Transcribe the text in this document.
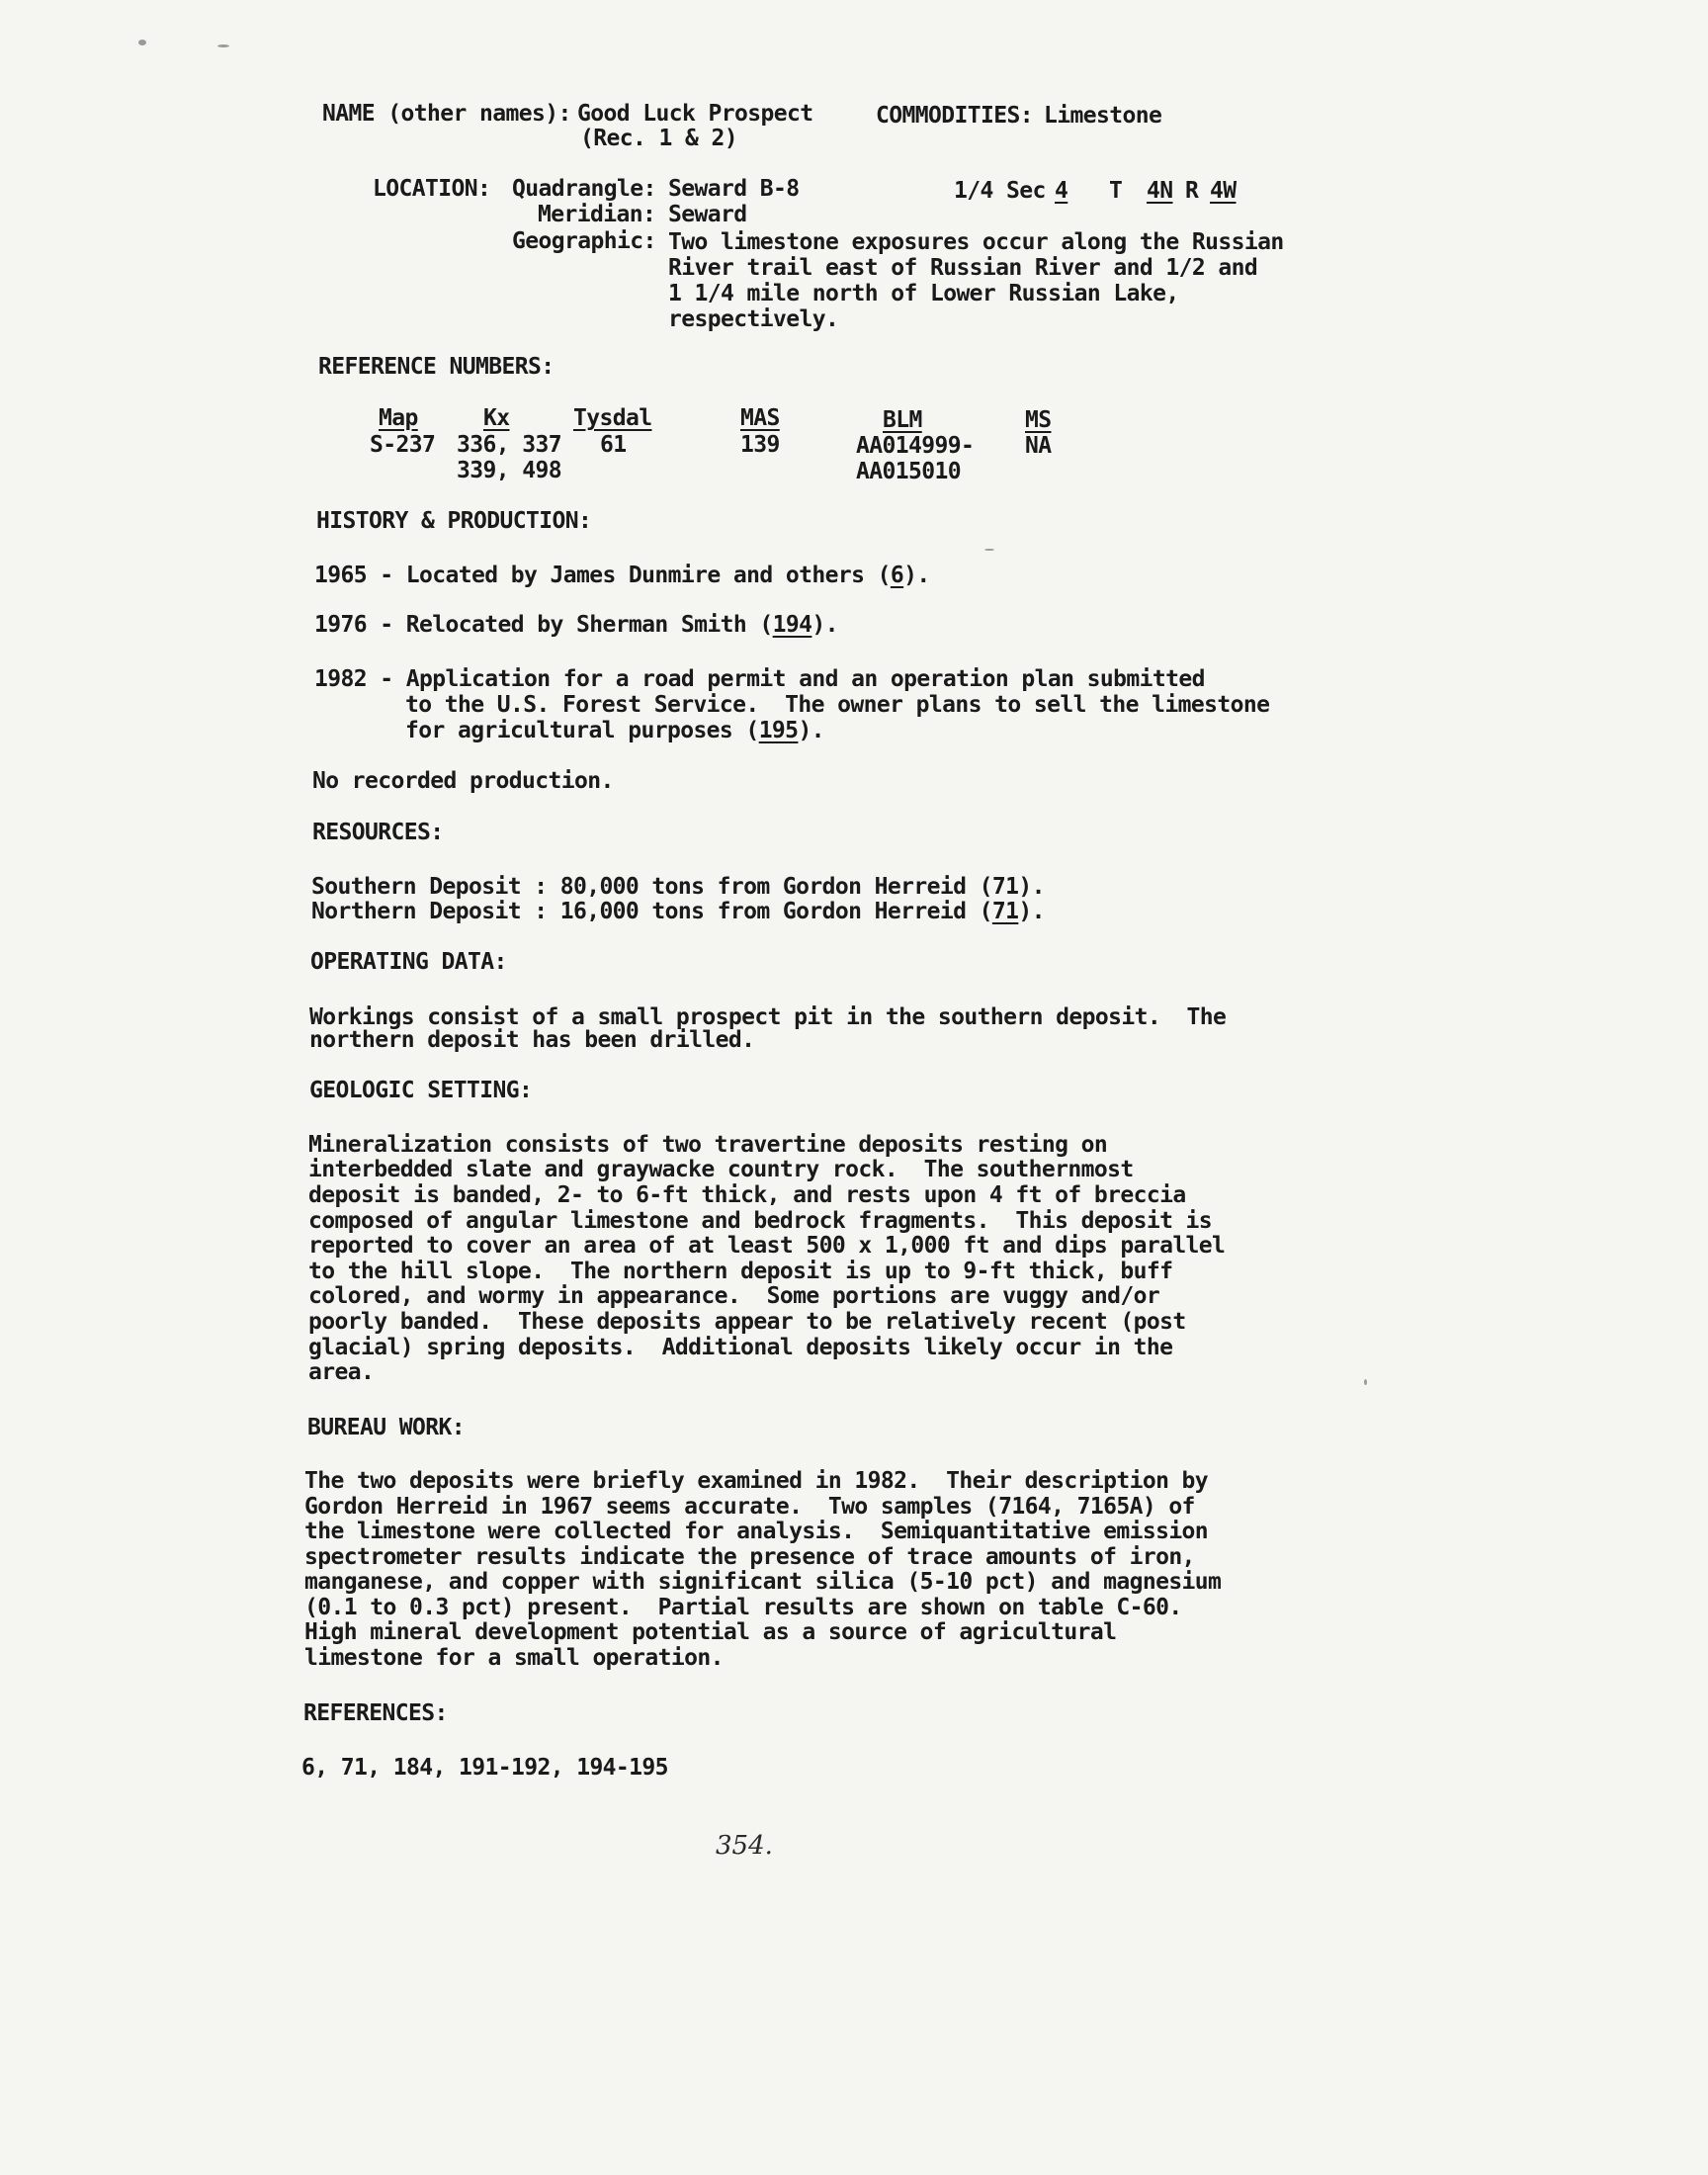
NAME (other names): Good Luck Prospect
(Rec. 1 & 2)
COMMODITIES: Limestone
LOCATION: Quadrangle: Seward B-8	1/4 Sec 4 T 4N R 4W
Meridian: Seward
Geographic: Two limestone exposures occur along the Russian
River trail east of Russian River and 1/2 and
1 1/4 mile north of Lower Russian Lake,
respectively.
REFERENCE NUMBERS:
Map
S-237
Kx
336, 337
339, 498
Tysdal
61
MAS
139
BLM
AA014999-
AA015010
MS
NA
HISTORY & PRODUCTION:
1965 - Located by James Dunmire and others (6).
1976 - Relocated by Sherman Smith (194).
1982 - Application for a road permit and an operation plan submitted
to the U.S. Forest Service.  The owner plans to sell the limestone
for agricultural purposes (195).
No recorded production.
RESOURCES:
Southern Deposit : 80,000 tons from Gordon Herreid (71).
Northern Deposit : 16,000 tons from Gordon Herreid (71).
OPERATING DATA:
Workings consist of a small prospect pit in the southern deposit.  The
northern deposit has been drilled.
GEOLOGIC SETTING:
Mineralization consists of two travertine deposits resting on
interbedded slate and graywacke country rock.  The southernmost
deposit is banded, 2- to 6-ft thick, and rests upon 4 ft of breccia
composed of angular limestone and bedrock fragments.  This deposit is
reported to cover an area of at least 500 x 1,000 ft and dips parallel
to the hill slope.  The northern deposit is up to 9-ft thick, buff
colored, and wormy in appearance.  Some portions are vuggy and/or
poorly banded.  These deposits appear to be relatively recent (post
glacial) spring deposits.  Additional deposits likely occur in the
area.
BUREAU WORK:
The two deposits were briefly examined in 1982.  Their description by
Gordon Herreid in 1967 seems accurate.  Two samples (7164, 7165A) of
the limestone were collected for analysis.  Semiquantitative emission
spectrometer results indicate the presence of trace amounts of iron,
manganese, and copper with significant silica (5-10 pct) and magnesium
(0.1 to 0.3 pct) present.  Partial results are shown on table C-60.
High mineral development potential as a source of agricultural
limestone for a small operation.
REFERENCES:
6, 71, 184, 191-192, 194-195
354.
